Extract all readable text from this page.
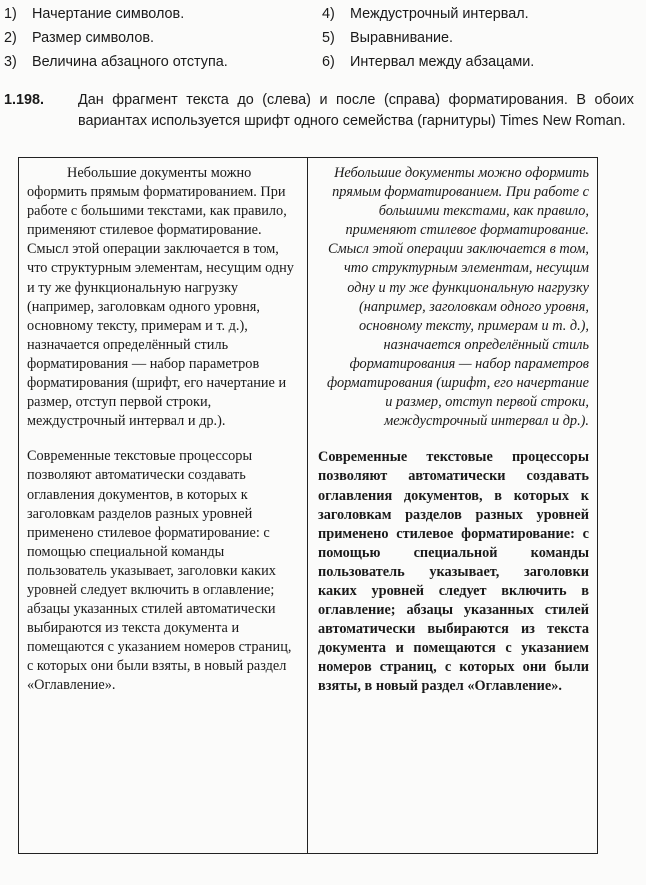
1) Начертание символов.	4) Междустрочный интервал.
2) Размер символов.	5) Выравнивание.
3) Величина абзацного отступа.	6) Интервал между абзацами.
1.198.	Дан фрагмент текста до (слева) и после (справа) форматирования. В обоих вариантах используется шрифт одного семейства (гарнитуры) Times New Roman.

Небольшие документы можно оформить прямым форматированием. При работе с большими текстами, как правило, применяют стилевое форматирование. Смысл этой операции заключается в том, что структурным элементам, несущим одну и ту же функциональную нагрузку (например, заголовкам одного уровня, основному тексту, примерам и т. д.), назначается определённый стиль форматирования — набор параметров форматирования (шрифт, его начертание и размер, отступ первой строки, междустрочный интервал и др.).

Современные текстовые процессоры позволяют автоматически создавать оглавления документов, в которых к заголовкам разделов разных уровней применено стилевое форматирование: с помощью специальной команды пользователь указывает, заголовки каких уровней следует включить в оглавление; абзацы указанных стилей автоматически выбираются из текста документа и помещаются с указанием номеров страниц, с которых они были взяты, в новый раздел «Оглавление».

Небольшие документы можно оформить прямым форматированием. При работе с большими текстами, как правило, применяют стилевое форматирование. Смысл этой операции заключается в том, что структурным элементам, несущим одну и ту же функциональную нагрузку (например, заголовкам одного уровня, основному тексту, примерам и т. д.), назначается определённый стиль форматирования — набор параметров форматирования (шрифт, его начертание и размер, отступ первой строки, междустрочный интервал и др.).

Современные текстовые процессоры позволяют автоматически создавать оглавления документов, в которых к заголовкам разделов разных уровней применено стилевое форматирование: с помощью специальной команды пользователь указывает, заголовки каких уровней следует включить в оглавление; абзацы указанных стилей автоматически выбираются из текста документа и помещаются с указанием номеров страниц, с которых они были взяты, в новый раздел «Оглавление».
